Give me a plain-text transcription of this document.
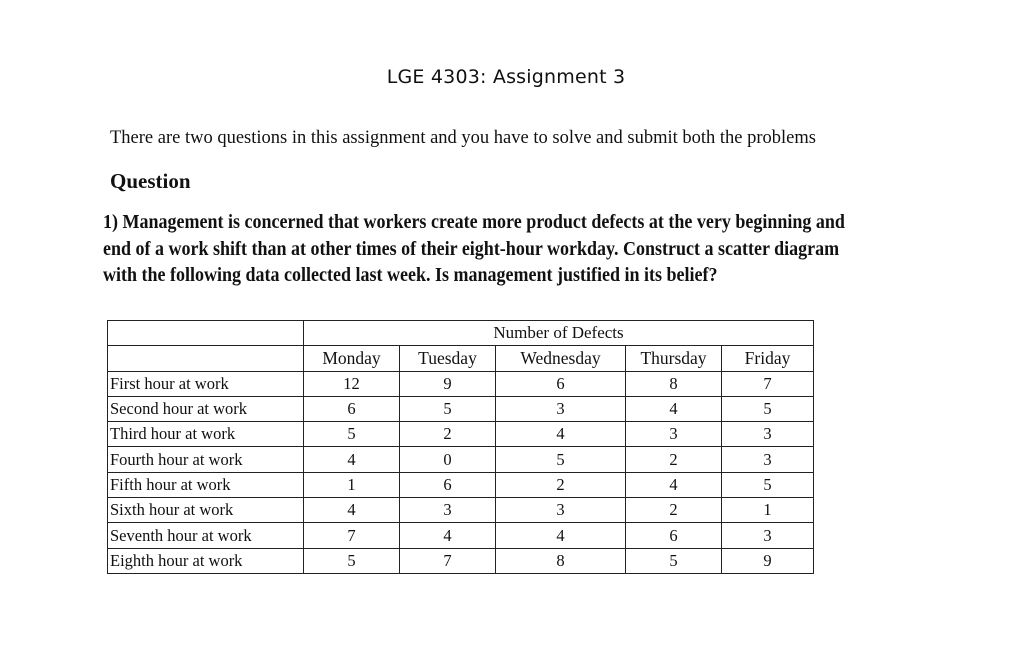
LGE 4303: Assignment 3
There are two questions in this assignment and you have to solve and submit both the problems
Question
1) Management is concerned that workers create more product defects at the very beginning and
end of a work shift than at other times of their eight-hour workday. Construct a scatter diagram
with the following data collected last week. Is management justified in its belief?
	Number of Defects				
	Monday	Tuesday	Wednesday	Thursday	Friday
First hour at work	12	9	6	8	7
Second hour at work	6	5	3	4	5
Third hour at work	5	2	4	3	3
Fourth hour at work	4	0	5	2	3
Fifth hour at work	1	6	2	4	5
Sixth hour at work	4	3	3	2	1
Seventh hour at work	7	4	4	6	3
Eighth hour at work	5	7	8	5	9
